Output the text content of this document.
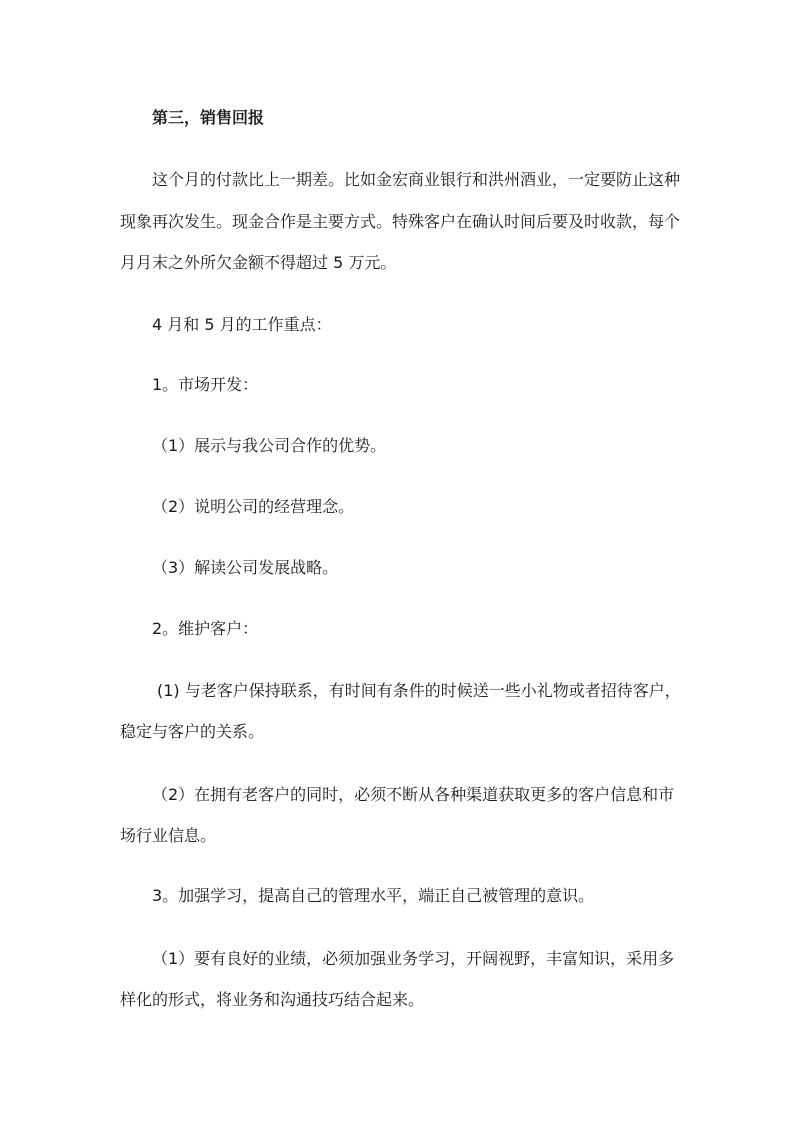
第三，销售回报
这个月的付款比上一期差。比如金宏商业银行和洪州酒业，一定要防止这种
现象再次发生。现金合作是主要方式。特殊客户在确认时间后要及时收款，每个
月月末之外所欠金额不得超过 5 万元。
4 月和 5 月的工作重点：
1。市场开发：
（1）展示与我公司合作的优势。
（2）说明公司的经营理念。
（3）解读公司发展战略。
2。维护客户：
(1) 与老客户保持联系，有时间有条件的时候送一些小礼物或者招待客户，
稳定与客户的关系。
（2）在拥有老客户的同时，必须不断从各种渠道获取更多的客户信息和市
场行业信息。
3。加强学习，提高自己的管理水平，端正自己被管理的意识。
（1）要有良好的业绩，必须加强业务学习，开阔视野，丰富知识，采用多
样化的形式，将业务和沟通技巧结合起来。
